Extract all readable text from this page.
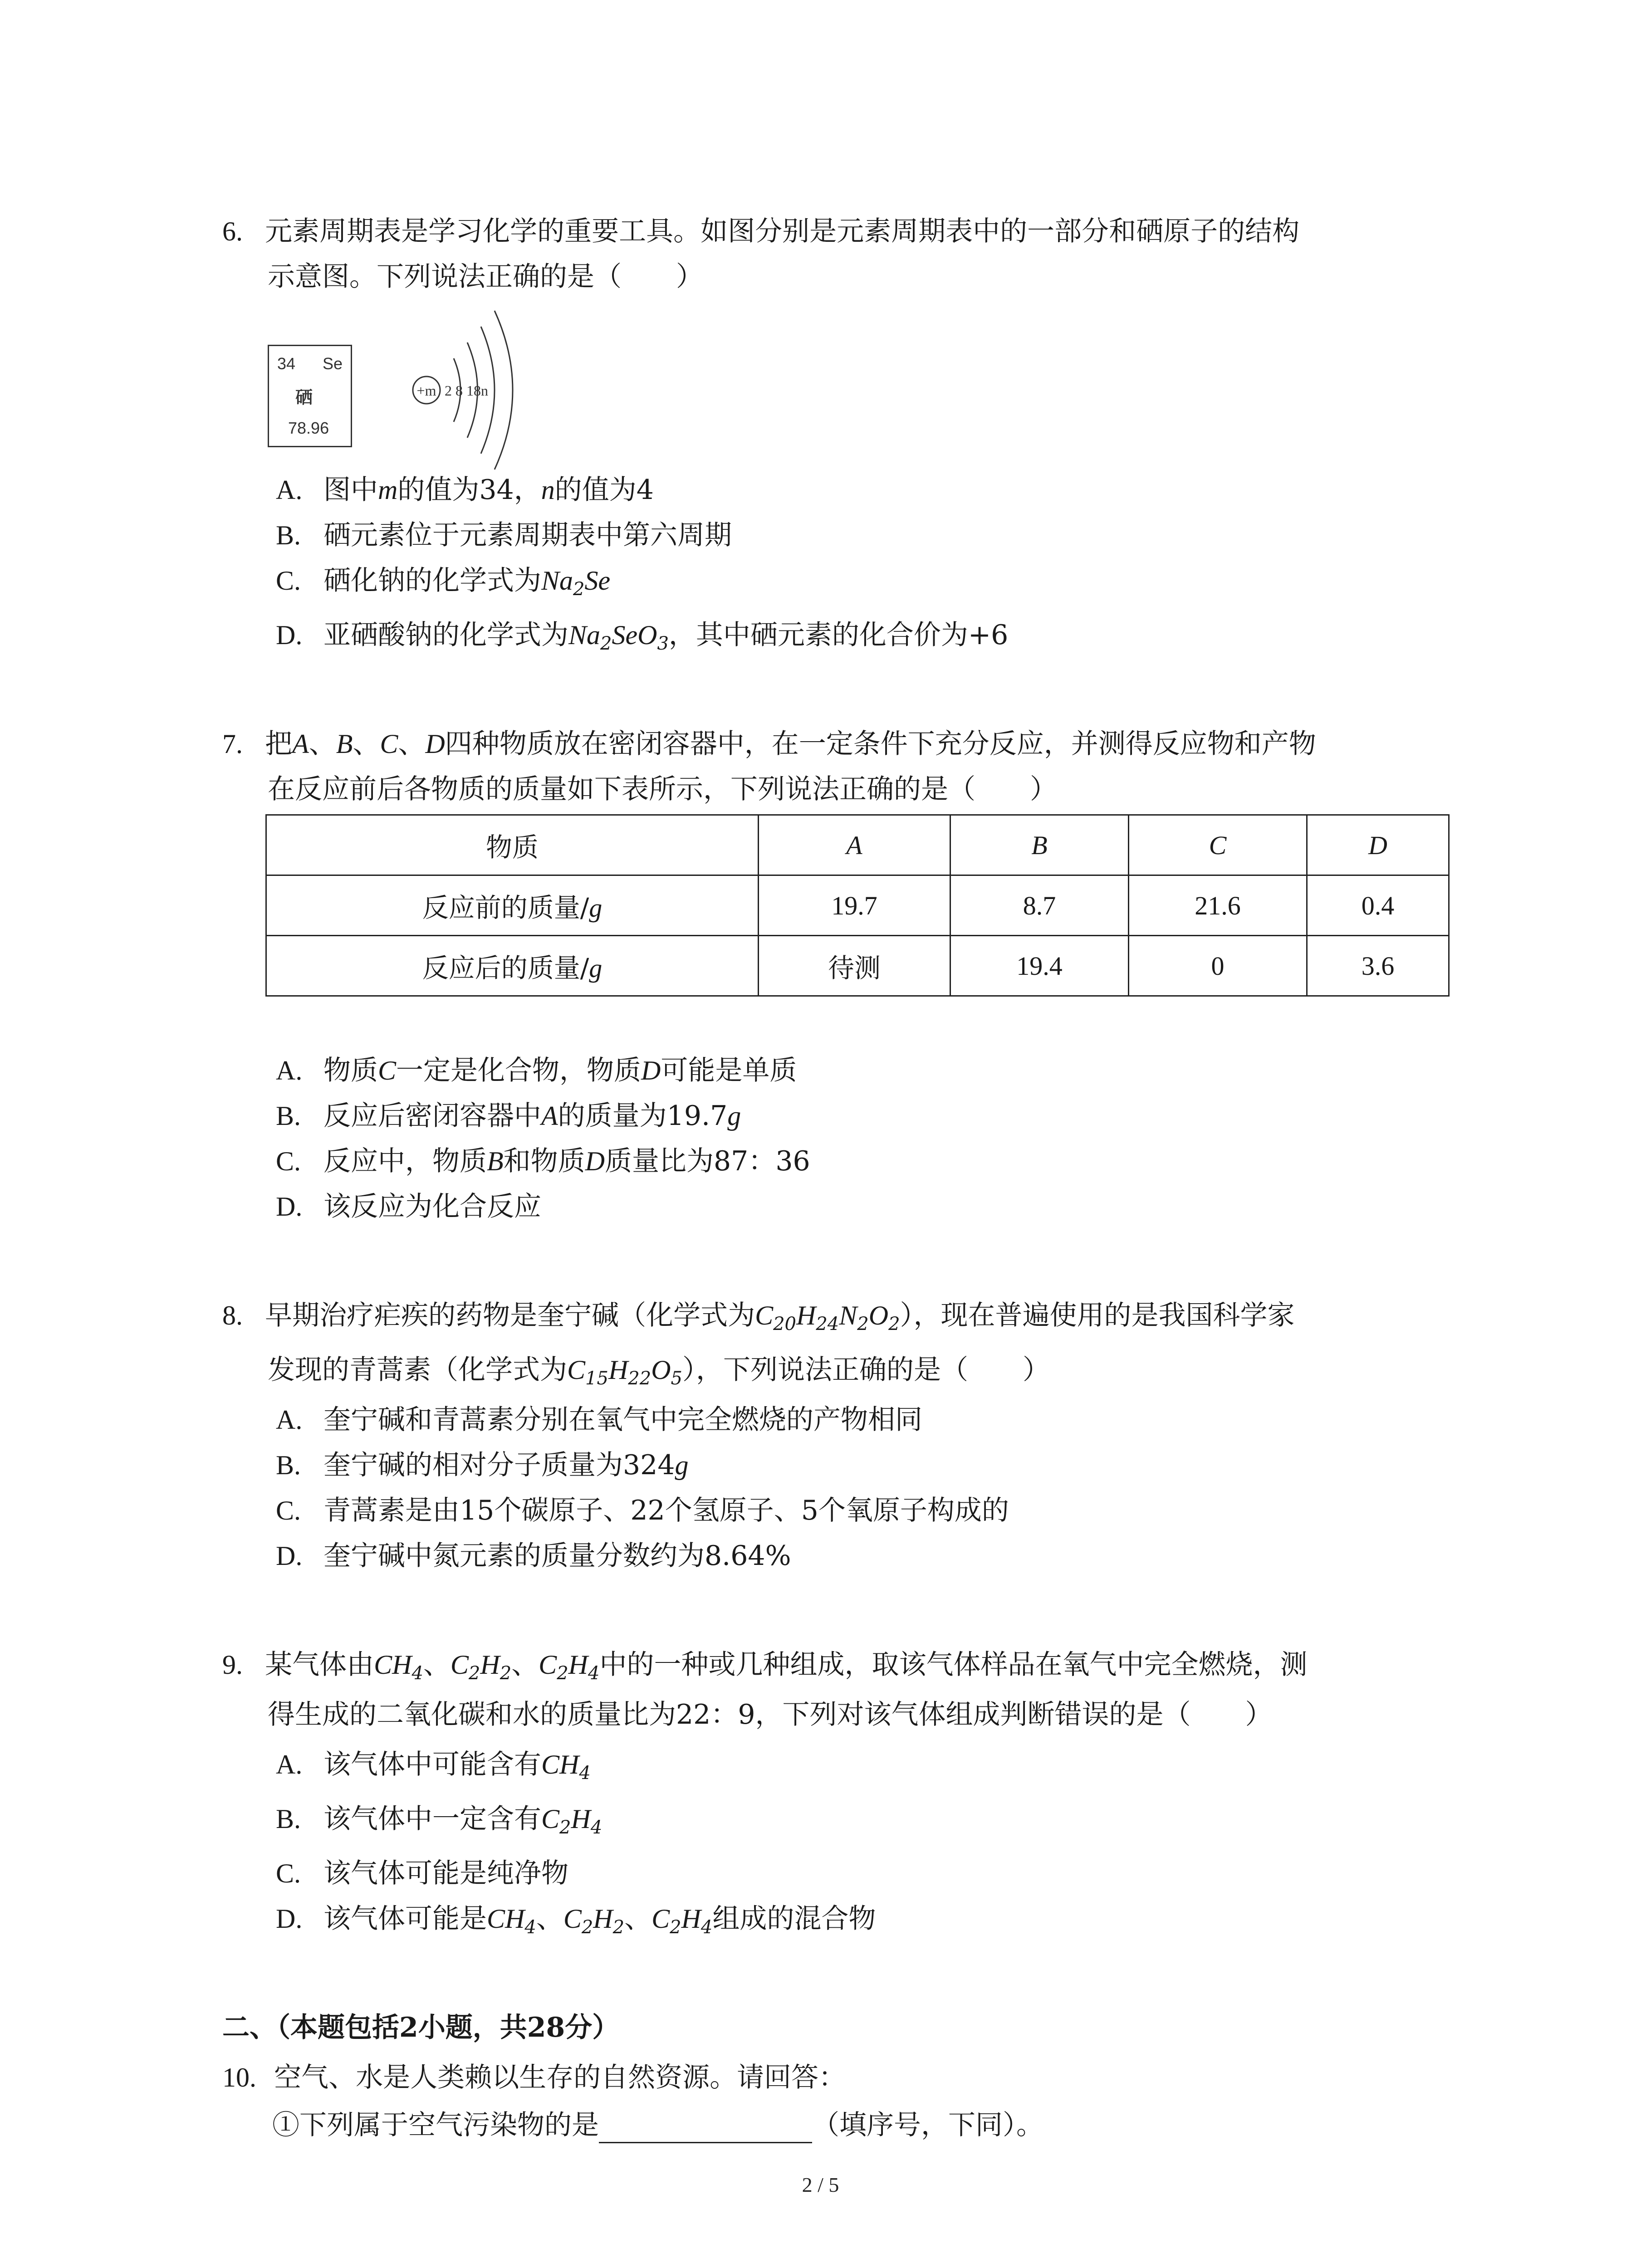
6. 元素周期表是学习化学的重要工具。如图分别是元素周期表中的一部分和硒原子的结构
示意图。下列说法正确的是（　　）
34 Se
硒
78.96
+m 2 8 18n
A. 图中m的值为34，n的值为4
B. 硒元素位于元素周期表中第六周期
C. 硒化钠的化学式为$Na_2Se$
D. 亚硒酸钠的化学式为$Na_2SeO_3$，其中硒元素的化合价为+6
7. 把A、B、C、D四种物质放在密闭容器中，在一定条件下充分反应，并测得反应物和产物
在反应前后各物质的质量如下表所示，下列说法正确的是（　　）
物质	A	B	C	D
反应前的质量/g	19.7	8.7	21.6	0.4
反应后的质量/g	待测	19.4	0	3.6
A. 物质C一定是化合物，物质D可能是单质
B. 反应后密闭容器中A的质量为19.7g
C. 反应中，物质B和物质D质量比为87：36
D. 该反应为化合反应
8. 早期治疗疟疾的药物是奎宁碱（化学式为$C_{20}H_{24}N_2O_2$），现在普遍使用的是我国科学家
发现的青蒿素（化学式为$C_{15}H_{22}O_5$），下列说法正确的是（　　）
A. 奎宁碱和青蒿素分别在氧气中完全燃烧的产物相同
B. 奎宁碱的相对分子质量为324g
C. 青蒿素是由15个碳原子、22个氢原子、5个氧原子构成的
D. 奎宁碱中氮元素的质量分数约为8.64%
9. 某气体由$CH_4$、$C_2H_2$、$C_2H_4$中的一种或几种组成，取该气体样品在氧气中完全燃烧，测
得生成的二氧化碳和水的质量比为22：9，下列对该气体组成判断错误的是（　　）
A. 该气体中可能含有$CH_4$
B. 该气体中一定含有$C_2H_4$
C. 该气体可能是纯净物
D. 该气体可能是$CH_4$、$C_2H_2$、$C_2H_4$组成的混合物
二、（本题包括2小题，共28分）
10. 空气、水是人类赖以生存的自然资源。请回答：
①下列属于空气污染物的是	（填序号，下同）。
2 / 5
